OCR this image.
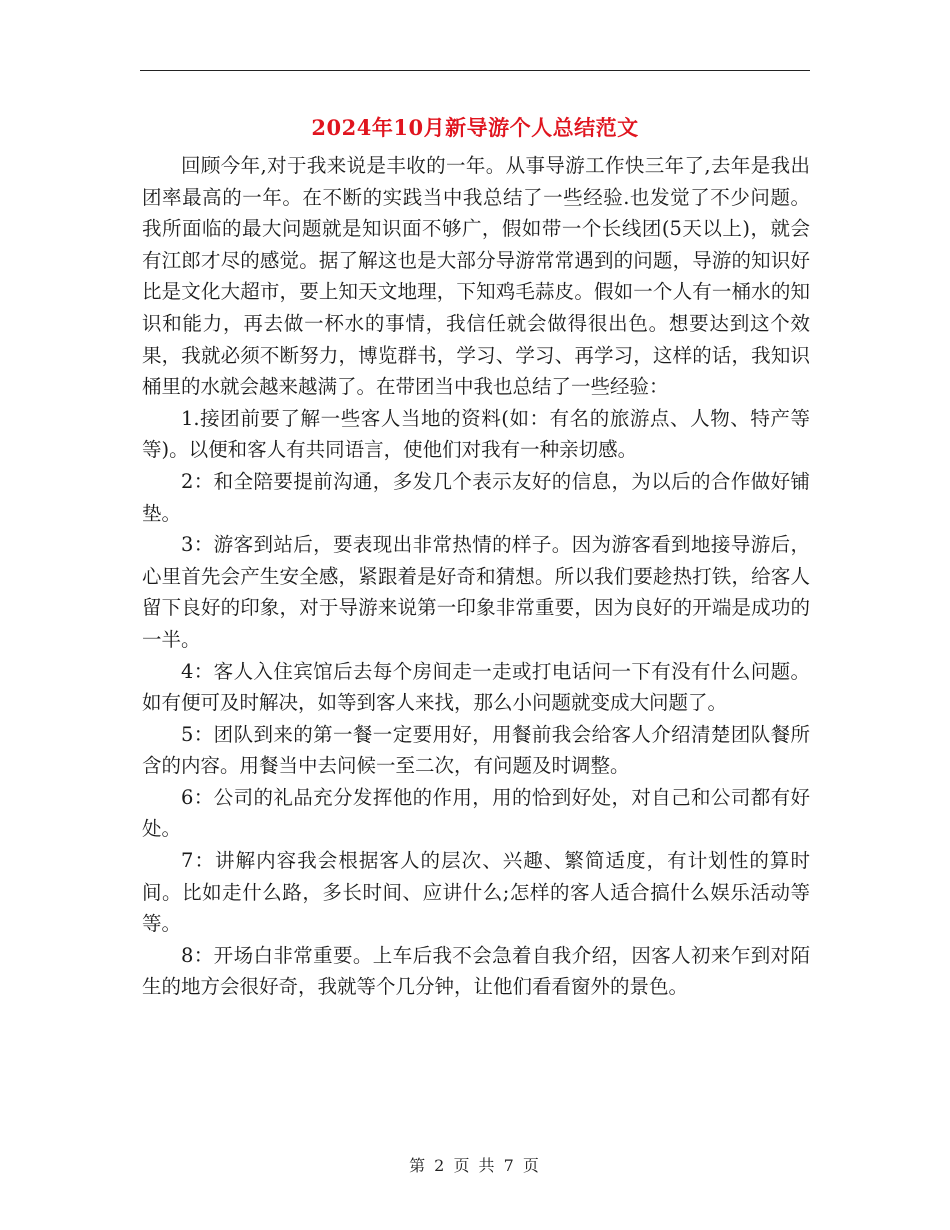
2024年10月新导游个人总结范文

回顾今年,对于我来说是丰收的一年。从事导游工作快三年了,去年是我出团率最高的一年。在不断的实践当中我总结了一些经验.也发觉了不少问题。我所面临的最大问题就是知识面不够广，假如带一个长线团(5天以上)，就会有江郎才尽的感觉。据了解这也是大部分导游常常遇到的问题，导游的知识好比是文化大超市，要上知天文地理，下知鸡毛蒜皮。假如一个人有一桶水的知识和能力，再去做一杯水的事情，我信任就会做得很出色。想要达到这个效果，我就必须不断努力，博览群书，学习、学习、再学习，这样的话，我知识桶里的水就会越来越满了。在带团当中我也总结了一些经验：

1.接团前要了解一些客人当地的资料(如：有名的旅游点、人物、特产等等)。以便和客人有共同语言，使他们对我有一种亲切感。

2：和全陪要提前沟通，多发几个表示友好的信息，为以后的合作做好铺垫。

3：游客到站后，要表现出非常热情的样子。因为游客看到地接导游后，心里首先会产生安全感，紧跟着是好奇和猜想。所以我们要趁热打铁，给客人留下良好的印象，对于导游来说第一印象非常重要，因为良好的开端是成功的一半。

4：客人入住宾馆后去每个房间走一走或打电话问一下有没有什么问题。如有便可及时解决，如等到客人来找，那么小问题就变成大问题了。

5：团队到来的第一餐一定要用好，用餐前我会给客人介绍清楚团队餐所含的内容。用餐当中去问候一至二次，有问题及时调整。

6：公司的礼品充分发挥他的作用，用的恰到好处，对自己和公司都有好处。

7：讲解内容我会根据客人的层次、兴趣、繁简适度，有计划性的算时间。比如走什么路，多长时间、应讲什么;怎样的客人适合搞什么娱乐活动等等。

8：开场白非常重要。上车后我不会急着自我介绍，因客人初来乍到对陌生的地方会很好奇，我就等个几分钟，让他们看看窗外的景色。

第 2 页 共 7 页
